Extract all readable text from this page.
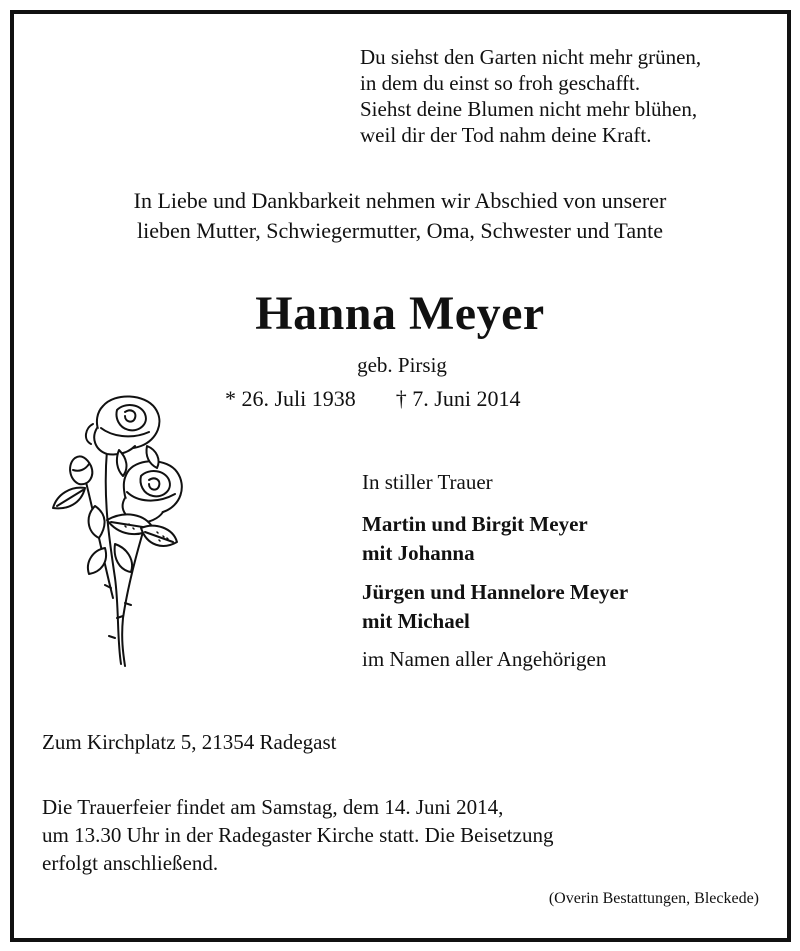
Du siehst den Garten nicht mehr grünen,
in dem du einst so froh geschafft.
Siehst deine Blumen nicht mehr blühen,
weil dir der Tod nahm deine Kraft.
In Liebe und Dankbarkeit nehmen wir Abschied von unserer
lieben Mutter, Schwiegermutter, Oma, Schwester und Tante
Hanna Meyer
geb. Pirsig
* 26. Juli 1938 † 7. Juni 2014
In stiller Trauer
Martin und Birgit Meyer
mit Johanna
Jürgen und Hannelore Meyer
mit Michael
im Namen aller Angehörigen
Zum Kirchplatz 5, 21354 Radegast
Die Trauerfeier findet am Samstag, dem 14. Juni 2014,
um 13.30 Uhr in der Radegaster Kirche statt. Die Beisetzung
erfolgt anschließend.
(Overin Bestattungen, Bleckede)
